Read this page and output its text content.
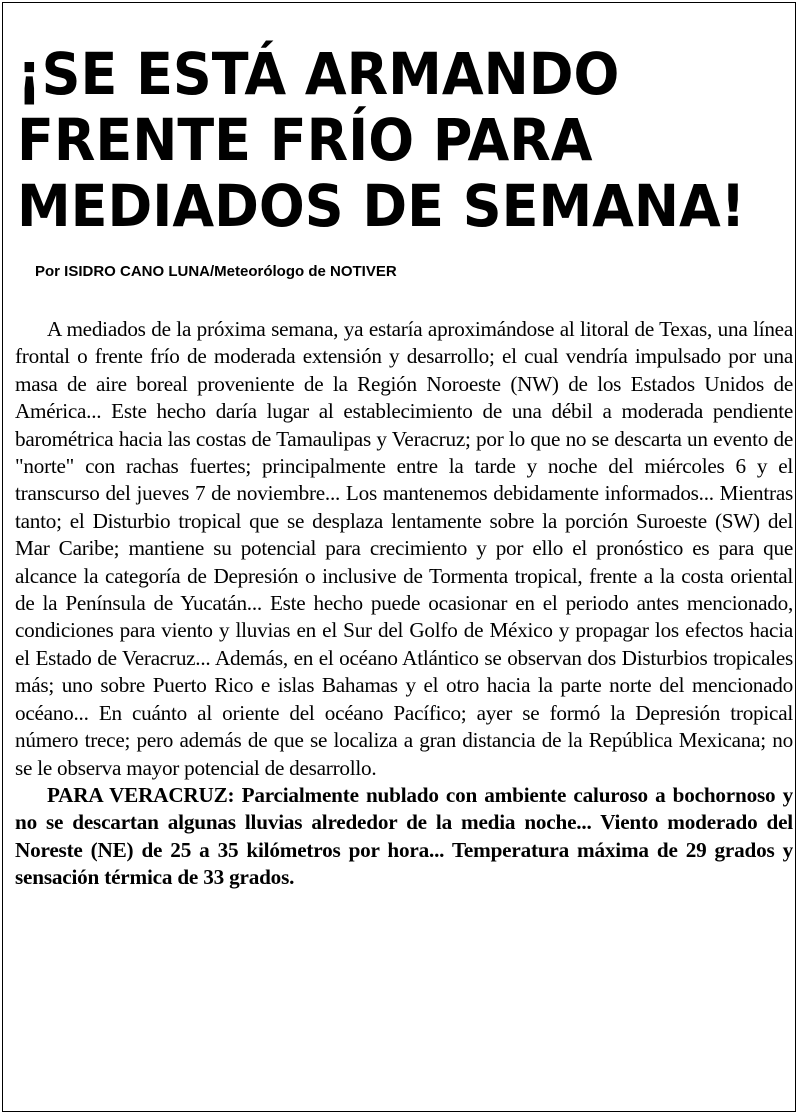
¡SE ESTÁ ARMANDO
FRENTE FRÍO PARA
MEDIADOS DE SEMANA!

Por ISIDRO CANO LUNA/Meteorólogo de NOTIVER

A mediados de la próxima semana, ya estaría aproximándose al litoral de Texas, una línea frontal o frente frío de moderada extensión y desarrollo; el cual vendría impulsado por una masa de aire boreal proveniente de la Región Noroeste (NW) de los Estados Unidos de América... Este hecho daría lugar al establecimiento de una débil a moderada pendiente barométrica hacia las costas de Tamaulipas y Veracruz; por lo que no se descarta un evento de "norte" con rachas fuertes; principalmente entre la tarde y noche del miércoles 6 y el transcurso del jueves 7 de noviembre... Los mantenemos debidamente informados... Mientras tanto; el Disturbio tropical que se desplaza lentamente sobre la porción Suroeste (SW) del Mar Caribe; mantiene su potencial para crecimiento y por ello el pronóstico es para que alcance la categoría de Depresión o inclusive de Tormenta tropical, frente a la costa oriental de la Península de Yucatán... Este hecho puede ocasionar en el periodo antes mencionado, condiciones para viento y lluvias en el Sur del Golfo de México y propagar los efectos hacia el Estado de Veracruz... Además, en el océano Atlántico se observan dos Disturbios tropicales más; uno sobre Puerto Rico e islas Bahamas y el otro hacia la parte norte del mencionado océano... En cuánto al oriente del océano Pacífico; ayer se formó la Depresión tropical número trece; pero además de que se localiza a gran distancia de la República Mexicana; no se le observa mayor potencial de desarrollo.

PARA VERACRUZ: Parcialmente nublado con ambiente caluroso a bochornoso y no se descartan algunas lluvias alrededor de la media noche... Viento moderado del Noreste (NE) de 25 a 35 kilómetros por hora... Temperatura máxima de 29 grados y sensación térmica de 33 grados.
